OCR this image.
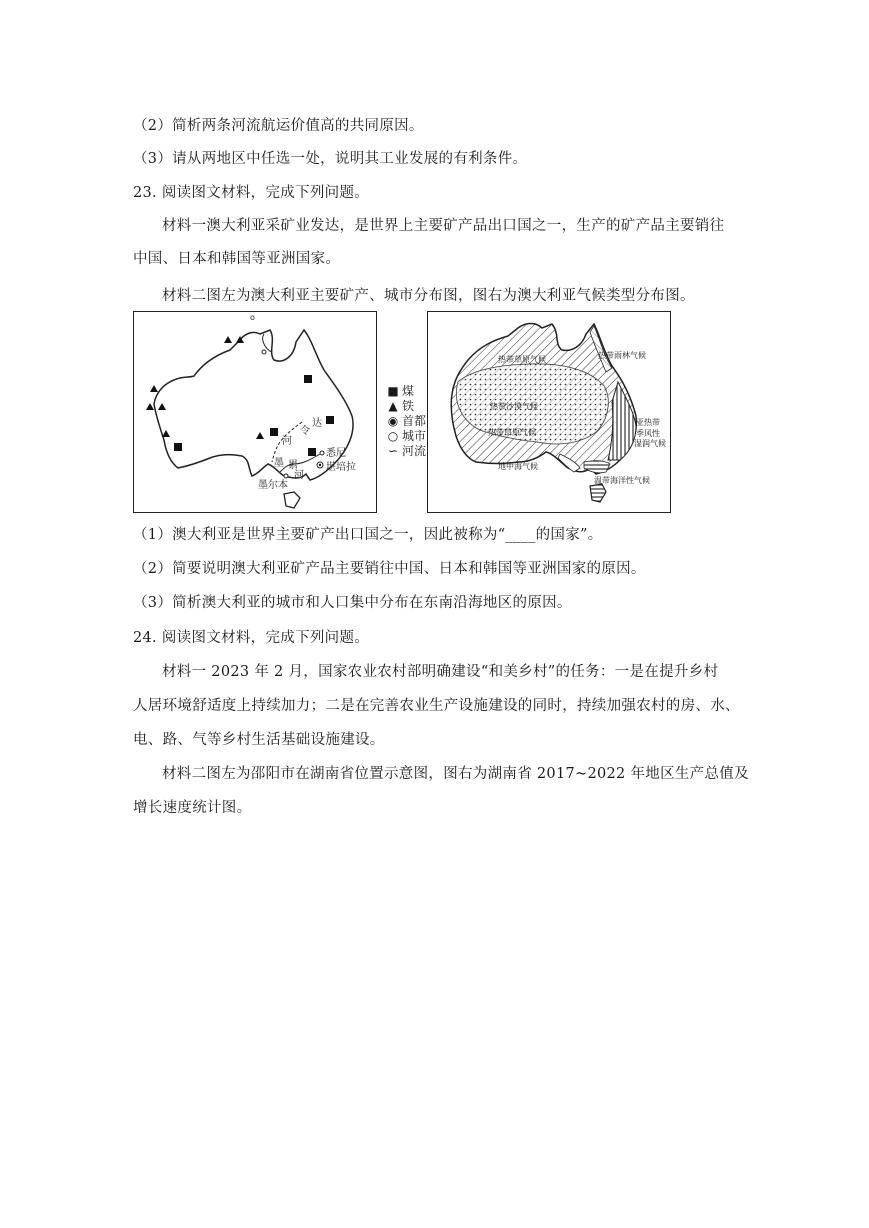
（2）简析两条河流航运价值高的共同原因。
（3）请从两地区中任选一处，说明其工业发展的有利条件。
23. 阅读图文材料，完成下列问题。
材料一澳大利亚采矿业发达，是世界上主要矿产品出口国之一，生产的矿产品主要销往
中国、日本和韩国等亚洲国家。
材料二图左为澳大利亚主要矿产、城市分布图，图右为澳大利亚气候类型分布图。
o
令
达
河
墨 累
河
悉尼
堪培拉
墨尔本
■ 煤
▲ 铁
◉ 首都
○ 城市
∽ 河流
热带草原气候	热带雨林气候
热带沙漠气候
热带草原气候
亚热带
季风性
湿润气候
地中海气候
温带海洋性气候
（1）澳大利亚是世界主要矿产出口国之一，因此被称为“____的国家”。
（2）简要说明澳大利亚矿产品主要销往中国、日本和韩国等亚洲国家的原因。
（3）简析澳大利亚的城市和人口集中分布在东南沿海地区的原因。
24. 阅读图文材料，完成下列问题。
材料一 2023 年 2 月，国家农业农村部明确建设“和美乡村”的任务：一是在提升乡村
人居环境舒适度上持续加力；二是在完善农业生产设施建设的同时，持续加强农村的房、水、
电、路、气等乡村生活基础设施建设。
材料二图左为邵阳市在湖南省位置示意图，图右为湖南省 2017~2022 年地区生产总值及
增长速度统计图。
